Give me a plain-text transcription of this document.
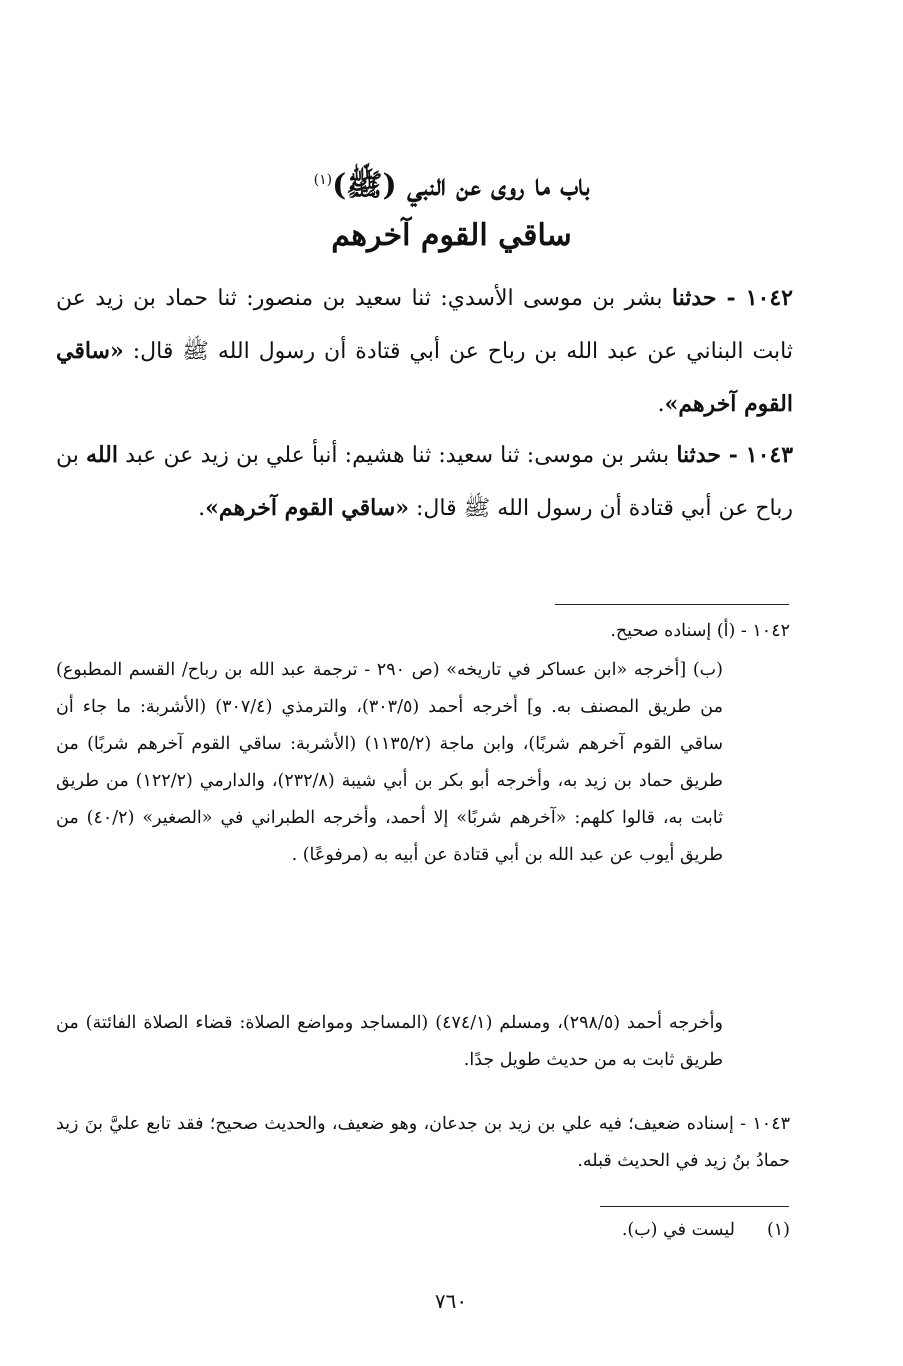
باب ما روى عن النبي (ﷺ)$^{(١)}$
ساقي القوم آخرهم
١٠٤٢ - حدثنا بشر بن موسى الأسدي: ثنا سعيد بن منصور: ثنا حماد بن زيد عن ثابت البناني عن عبد الله بن رباح عن أبي قتادة أن رسول الله ﷺ قال: «ساقي القوم آخرهم».
١٠٤٣ - حدثنا بشر بن موسى: ثنا سعيد: ثنا هشيم: أنبأ علي بن زيد عن عبد الله بن رباح عن أبي قتادة أن رسول الله ﷺ قال: «ساقي القوم آخرهم».
١٠٤٢ - (أ) إسناده صحيح.
(ب) [أخرجه «ابن عساكر في تاريخه» (ص ٢٩٠ - ترجمة عبد الله بن رباح/ القسم المطبوع) من طريق المصنف به. و] أخرجه أحمد (٣٠٣/٥)، والترمذي (٣٠٧/٤) (الأشربة: ما جاء أن ساقي القوم آخرهم شربًا)، وابن ماجة (١١٣٥/٢) (الأشربة: ساقي القوم آخرهم شربًا) من طريق حماد بن زيد به، وأخرجه أبو بكر بن أبي شيبة (٢٣٢/٨)، والدارمي (١٢٢/٢) من طريق ثابت به، قالوا كلهم: «آخرهم شربًا» إلا أحمد، وأخرجه الطبراني في «الصغير» (٤٠/٢) من طريق أيوب عن عبد الله بن أبي قتادة عن أبيه به (مرفوعًا) .
وأخرجه أحمد (٢٩٨/٥)، ومسلم (٤٧٤/١) (المساجد ومواضع الصلاة: قضاء الصلاة الفائتة) من طريق ثابت به من حديث طويل جدًا.
١٠٤٣ - إسناده ضعيف؛ فيه علي بن زيد بن جدعان، وهو ضعيف، والحديث صحيح؛ فقد تابع عليَّ بنَ زيد حمادُ بنُ زيد في الحديث قبله.
(١)ليست في (ب).
٧٦٠
